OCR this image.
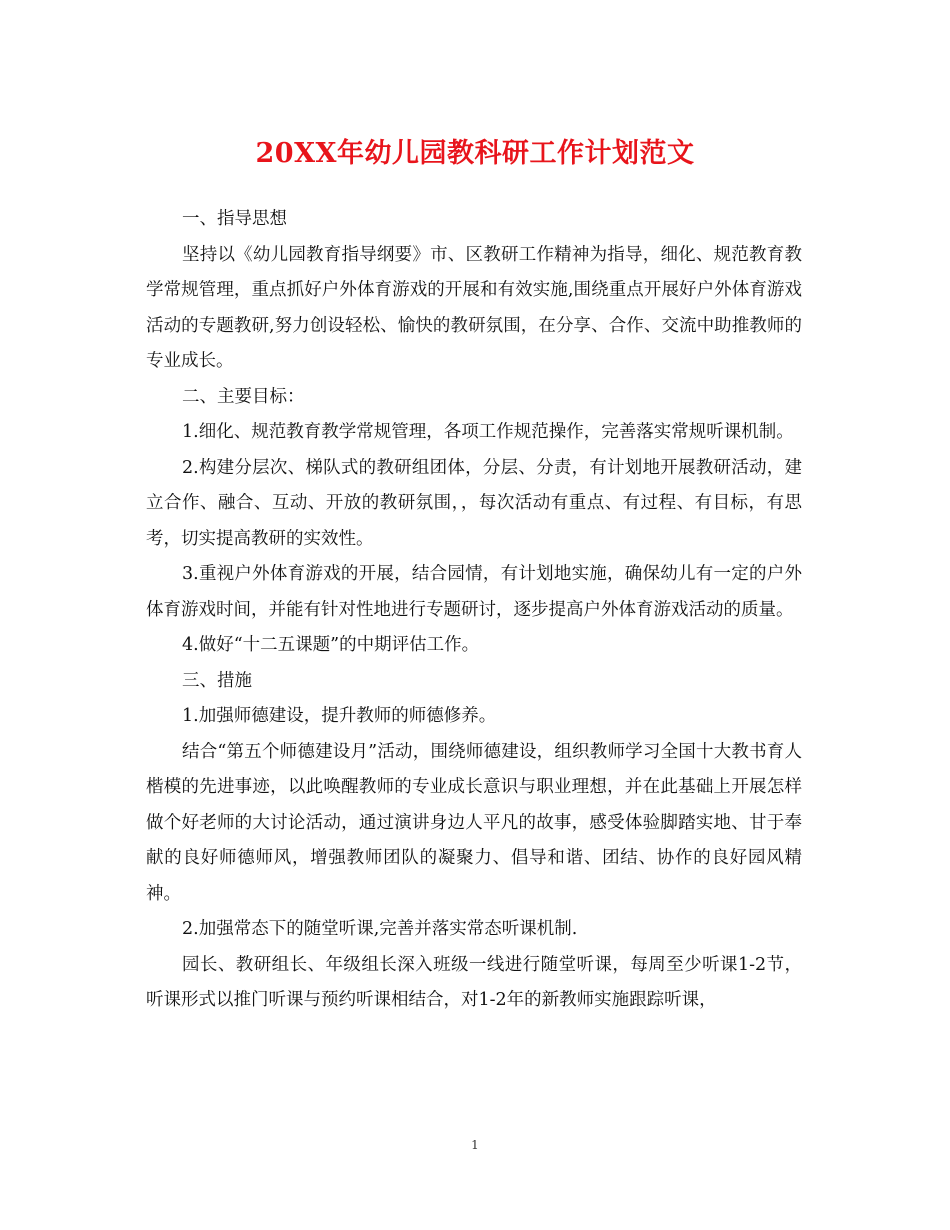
20XX年幼儿园教科研工作计划范文

一、指导思想

坚持以《幼儿园教育指导纲要》市、区教研工作精神为指导，细化、规范教育教学常规管理，重点抓好户外体育游戏的开展和有效实施,围绕重点开展好户外体育游戏活动的专题教研,努力创设轻松、愉快的教研氛围，在分享、合作、交流中助推教师的专业成长。

二、主要目标：

1.细化、规范教育教学常规管理，各项工作规范操作，完善落实常规听课机制。

2.构建分层次、梯队式的教研组团体，分层、分责，有计划地开展教研活动，建立合作、融合、互动、开放的教研氛围，，每次活动有重点、有过程、有目标，有思考，切实提高教研的实效性。

3.重视户外体育游戏的开展，结合园情，有计划地实施，确保幼儿有一定的户外体育游戏时间，并能有针对性地进行专题研讨，逐步提高户外体育游戏活动的质量。

4.做好“十二五课题”的中期评估工作。

三、措施

1.加强师德建设，提升教师的师德修养。

结合“第五个师德建设月”活动，围绕师德建设，组织教师学习全国十大教书育人楷模的先进事迹，以此唤醒教师的专业成长意识与职业理想，并在此基础上开展怎样做个好老师的大讨论活动，通过演讲身边人平凡的故事，感受体验脚踏实地、甘于奉献的良好师德师风，增强教师团队的凝聚力、倡导和谐、团结、协作的良好园风精神。

2.加强常态下的随堂听课,完善并落实常态听课机制.

园长、教研组长、年级组长深入班级一线进行随堂听课，每周至少听课1-2节，听课形式以推门听课与预约听课相结合，对1-2年的新教师实施跟踪听课，

1
